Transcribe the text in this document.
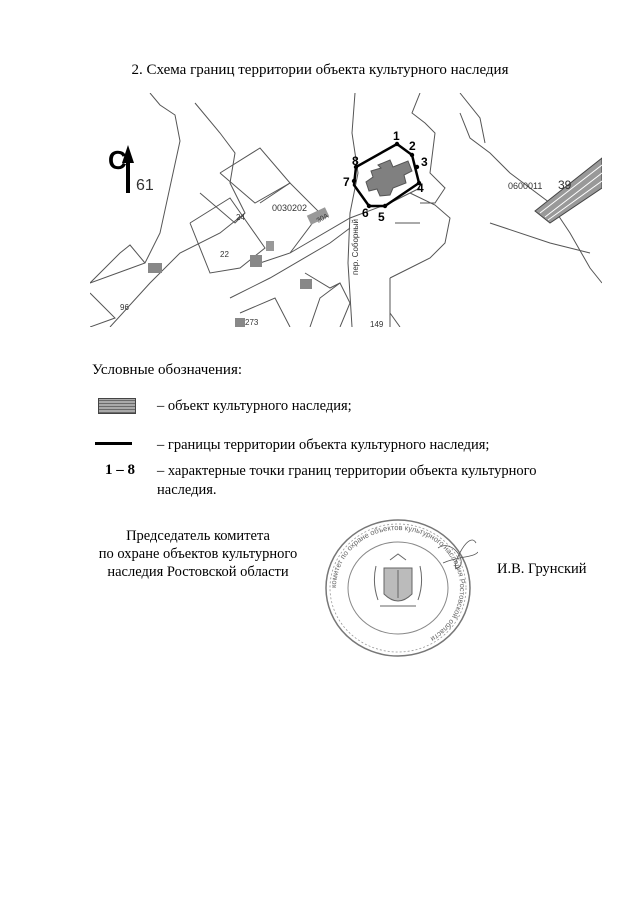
2. Схема границ территории объекта культурного наследия
С
61
0030202
0600011 39
24
22
96
273	149
30А
пер. Соборный
1
2
3
4
5
6
7
8
Условные обозначения:
– объект культурного наследия;
– границы территории объекта культурного наследия;
1 – 8 – характерные точки границ территории объекта культурного наследия.
Председатель комитета
по охране объектов культурного
наследия Ростовской области
комитет по охране объектов культурного наследия Ростовской области
И.В. Грунский
